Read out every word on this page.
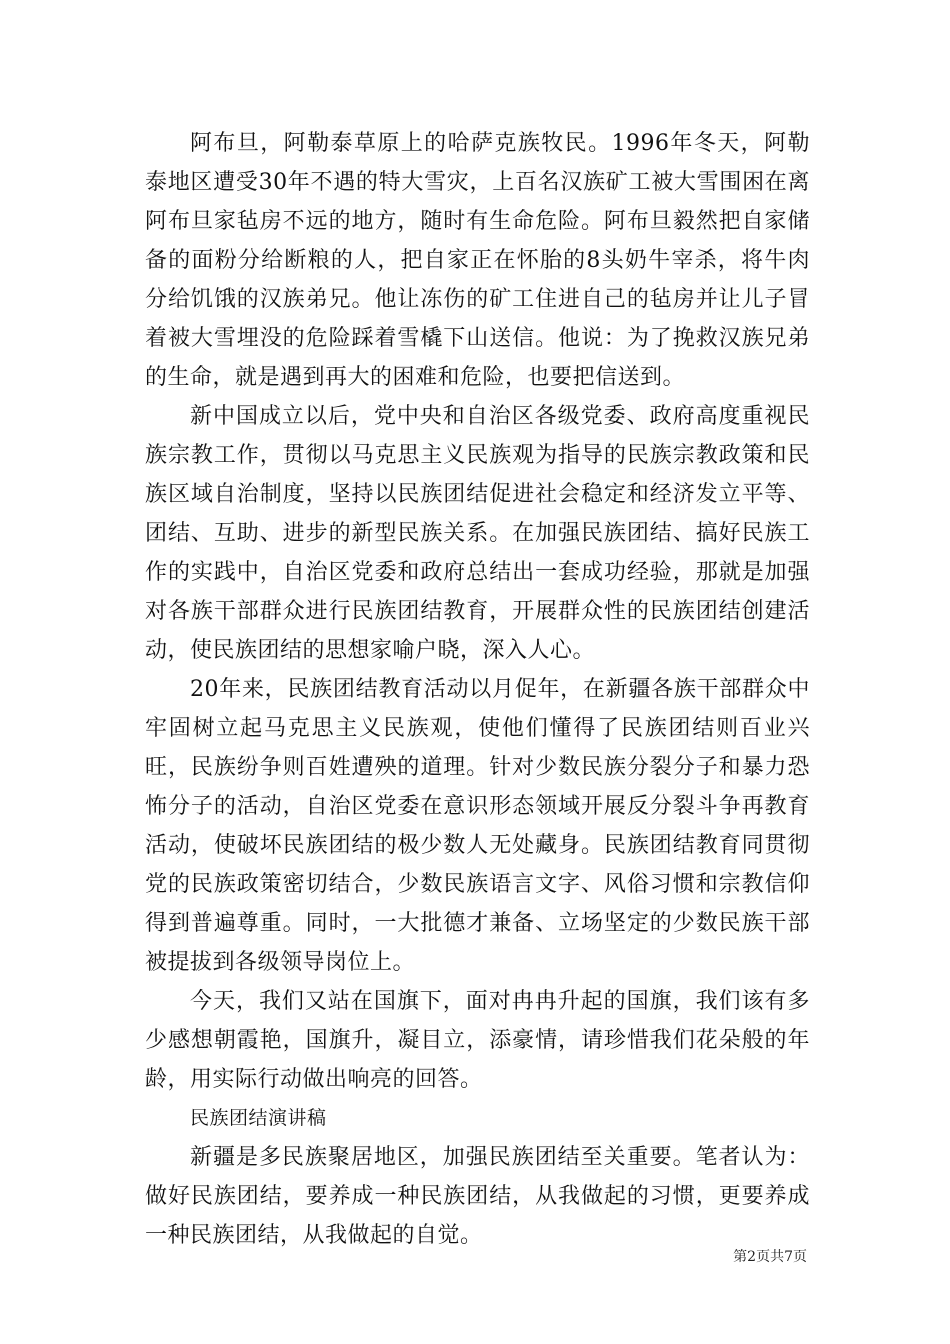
阿布旦，阿勒泰草原上的哈萨克族牧民。1996年冬天，阿勒泰地区遭受30年不遇的特大雪灾，上百名汉族矿工被大雪围困在离阿布旦家毡房不远的地方，随时有生命危险。阿布旦毅然把自家储备的面粉分给断粮的人，把自家正在怀胎的8头奶牛宰杀，将牛肉分给饥饿的汉族弟兄。他让冻伤的矿工住进自己的毡房并让儿子冒着被大雪埋没的危险踩着雪橇下山送信。他说：为了挽救汉族兄弟的生命，就是遇到再大的困难和危险，也要把信送到。

新中国成立以后，党中央和自治区各级党委、政府高度重视民族宗教工作，贯彻以马克思主义民族观为指导的民族宗教政策和民族区域自治制度，坚持以民族团结促进社会稳定和经济发立平等、团结、互助、进步的新型民族关系。在加强民族团结、搞好民族工作的实践中，自治区党委和政府总结出一套成功经验，那就是加强对各族干部群众进行民族团结教育，开展群众性的民族团结创建活动，使民族团结的思想家喻户晓，深入人心。

20年来，民族团结教育活动以月促年，在新疆各族干部群众中牢固树立起马克思主义民族观，使他们懂得了民族团结则百业兴旺，民族纷争则百姓遭殃的道理。针对少数民族分裂分子和暴力恐怖分子的活动，自治区党委在意识形态领域开展反分裂斗争再教育活动，使破坏民族团结的极少数人无处藏身。民族团结教育同贯彻党的民族政策密切结合，少数民族语言文字、风俗习惯和宗教信仰得到普遍尊重。同时，一大批德才兼备、立场坚定的少数民族干部被提拔到各级领导岗位上。

今天，我们又站在国旗下，面对冉冉升起的国旗，我们该有多少感想朝霞艳，国旗升，凝目立，添豪情，请珍惜我们花朵般的年龄，用实际行动做出响亮的回答。

民族团结演讲稿

新疆是多民族聚居地区，加强民族团结至关重要。笔者认为：做好民族团结，要养成一种民族团结，从我做起的习惯，更要养成一种民族团结，从我做起的自觉。

第2页共7页
